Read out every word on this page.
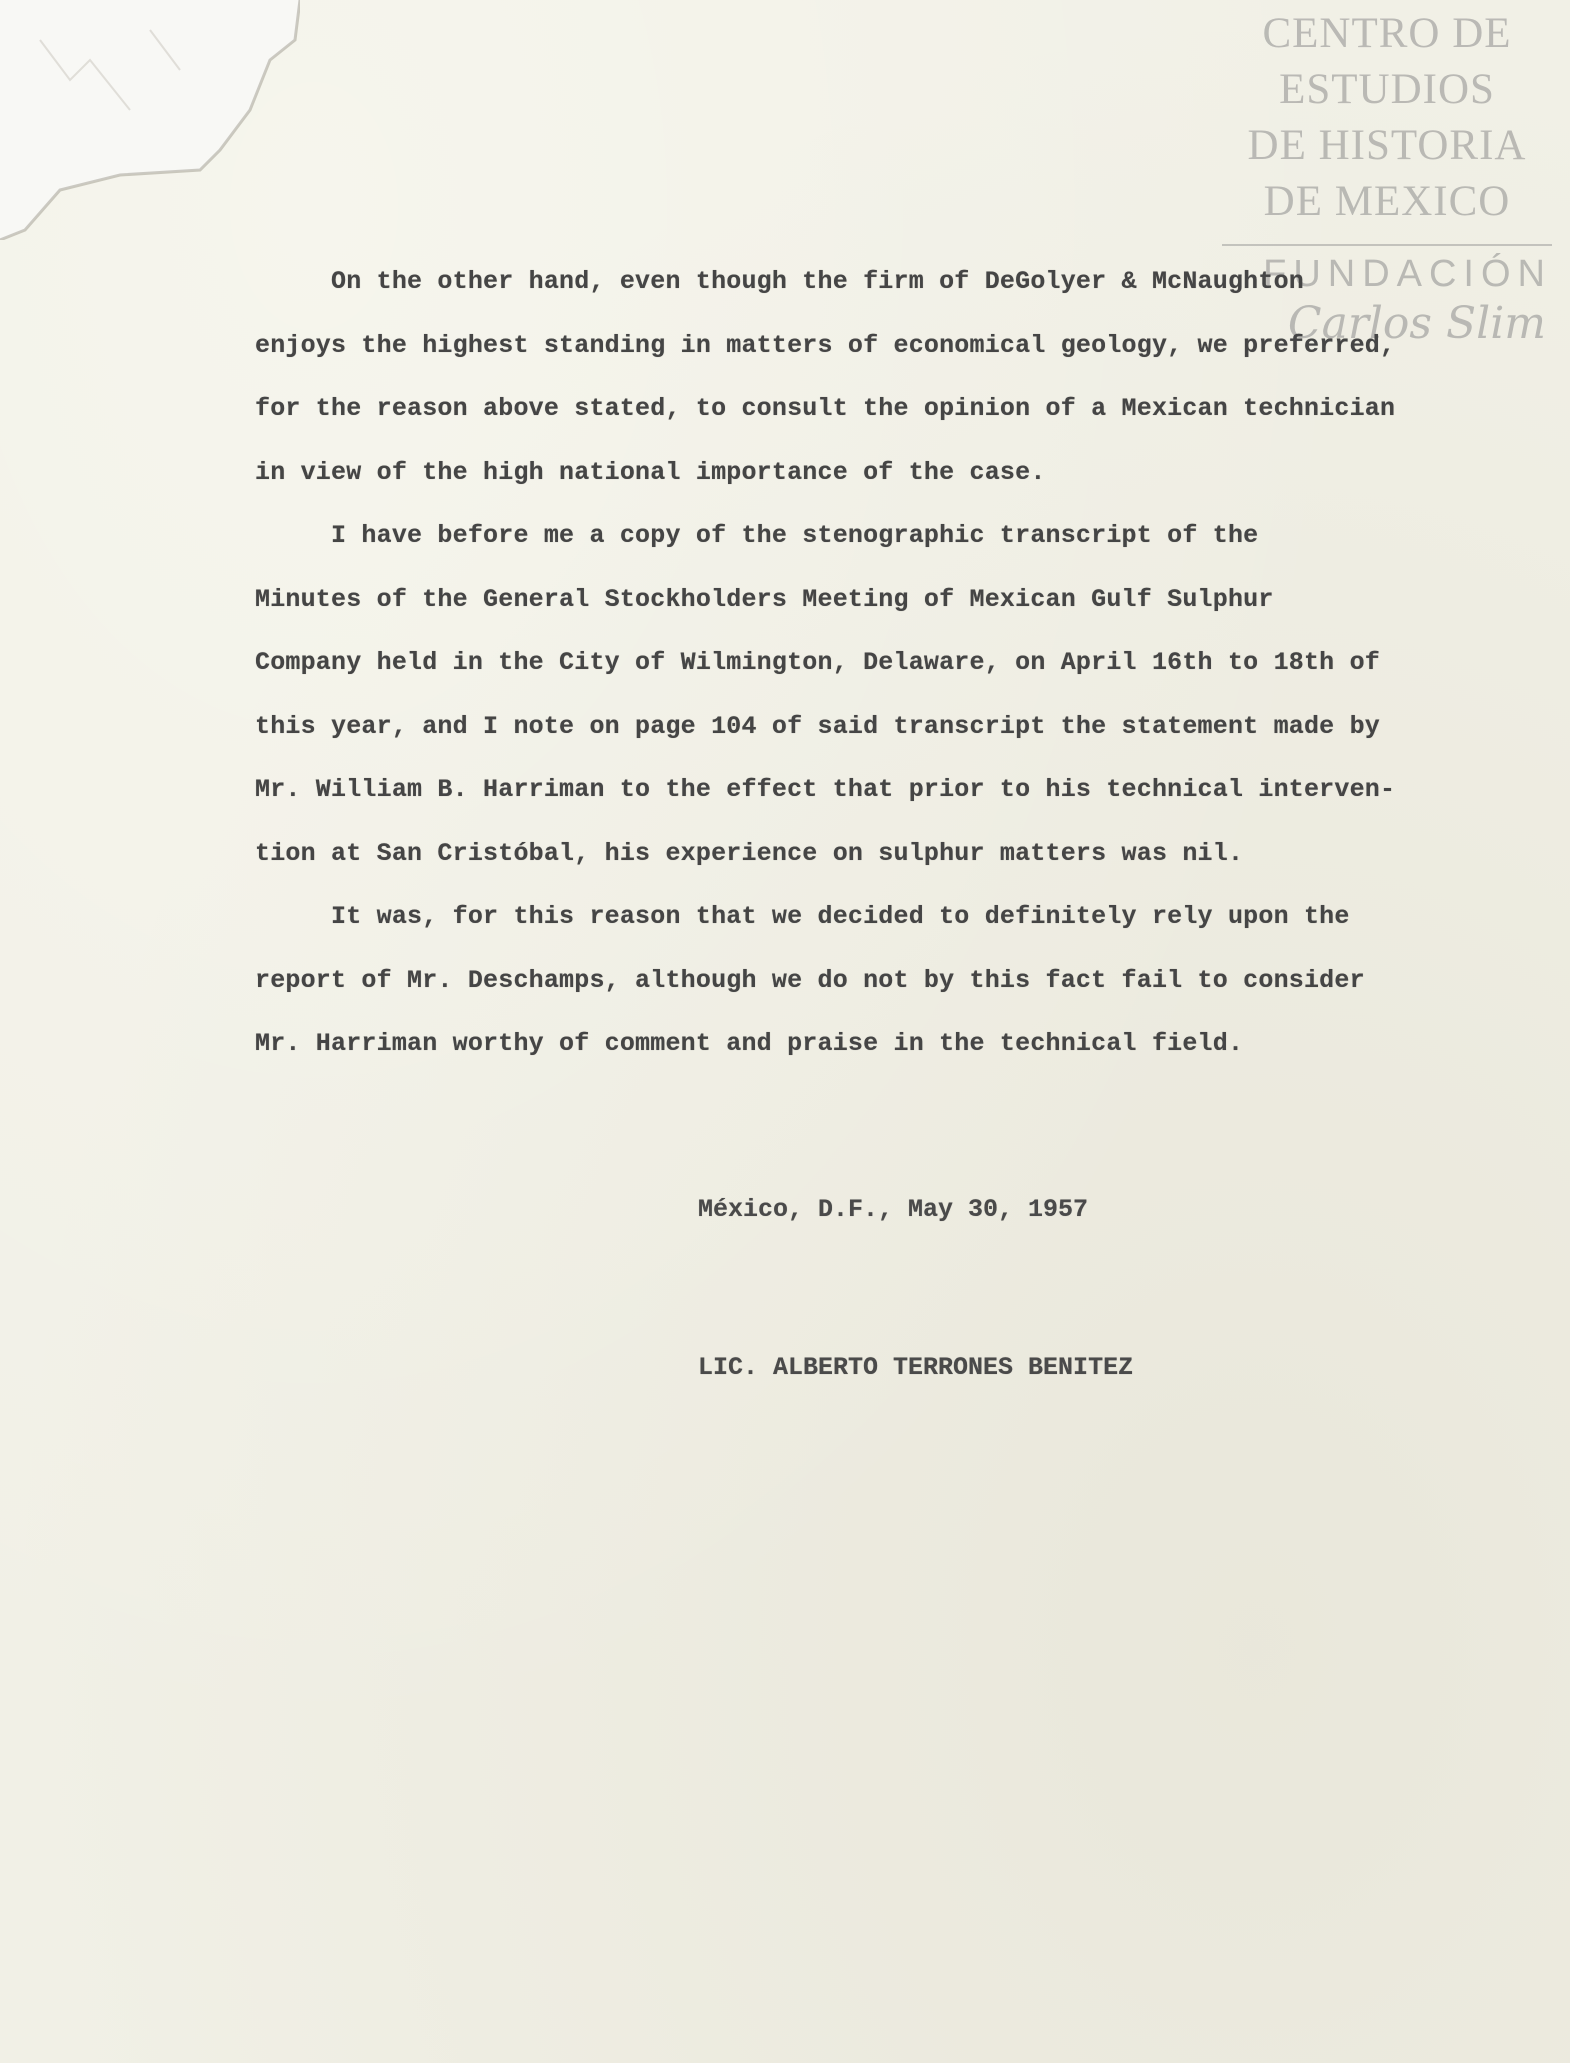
CENTRO DE
ESTUDIOS
DE HISTORIA
DE MEXICO
FUNDACIÓN
Carlos Slim

On the other hand, even though the firm of DeGolyer & McNaughton

enjoys the highest standing in matters of economical geology, we preferred,

for the reason above stated, to consult the opinion of a Mexican technician

in view of the high national importance of the case.

I have before me a copy of the stenographic transcript of the

Minutes of the General Stockholders Meeting of Mexican Gulf Sulphur

Company held in the City of Wilmington, Delaware, on April 16th to 18th of

this year, and I note on page 104 of said transcript the statement made by

Mr. William B. Harriman to the effect that prior to his technical interven-

tion at San Cristóbal, his experience on sulphur matters was nil.

It was, for this reason that we decided to definitely rely upon the

report of Mr. Deschamps, although we do not by this fact fail to consider

Mr. Harriman worthy of comment and praise in the technical field.

México, D.F., May 30, 1957

LIC. ALBERTO TERRONES BENITEZ
